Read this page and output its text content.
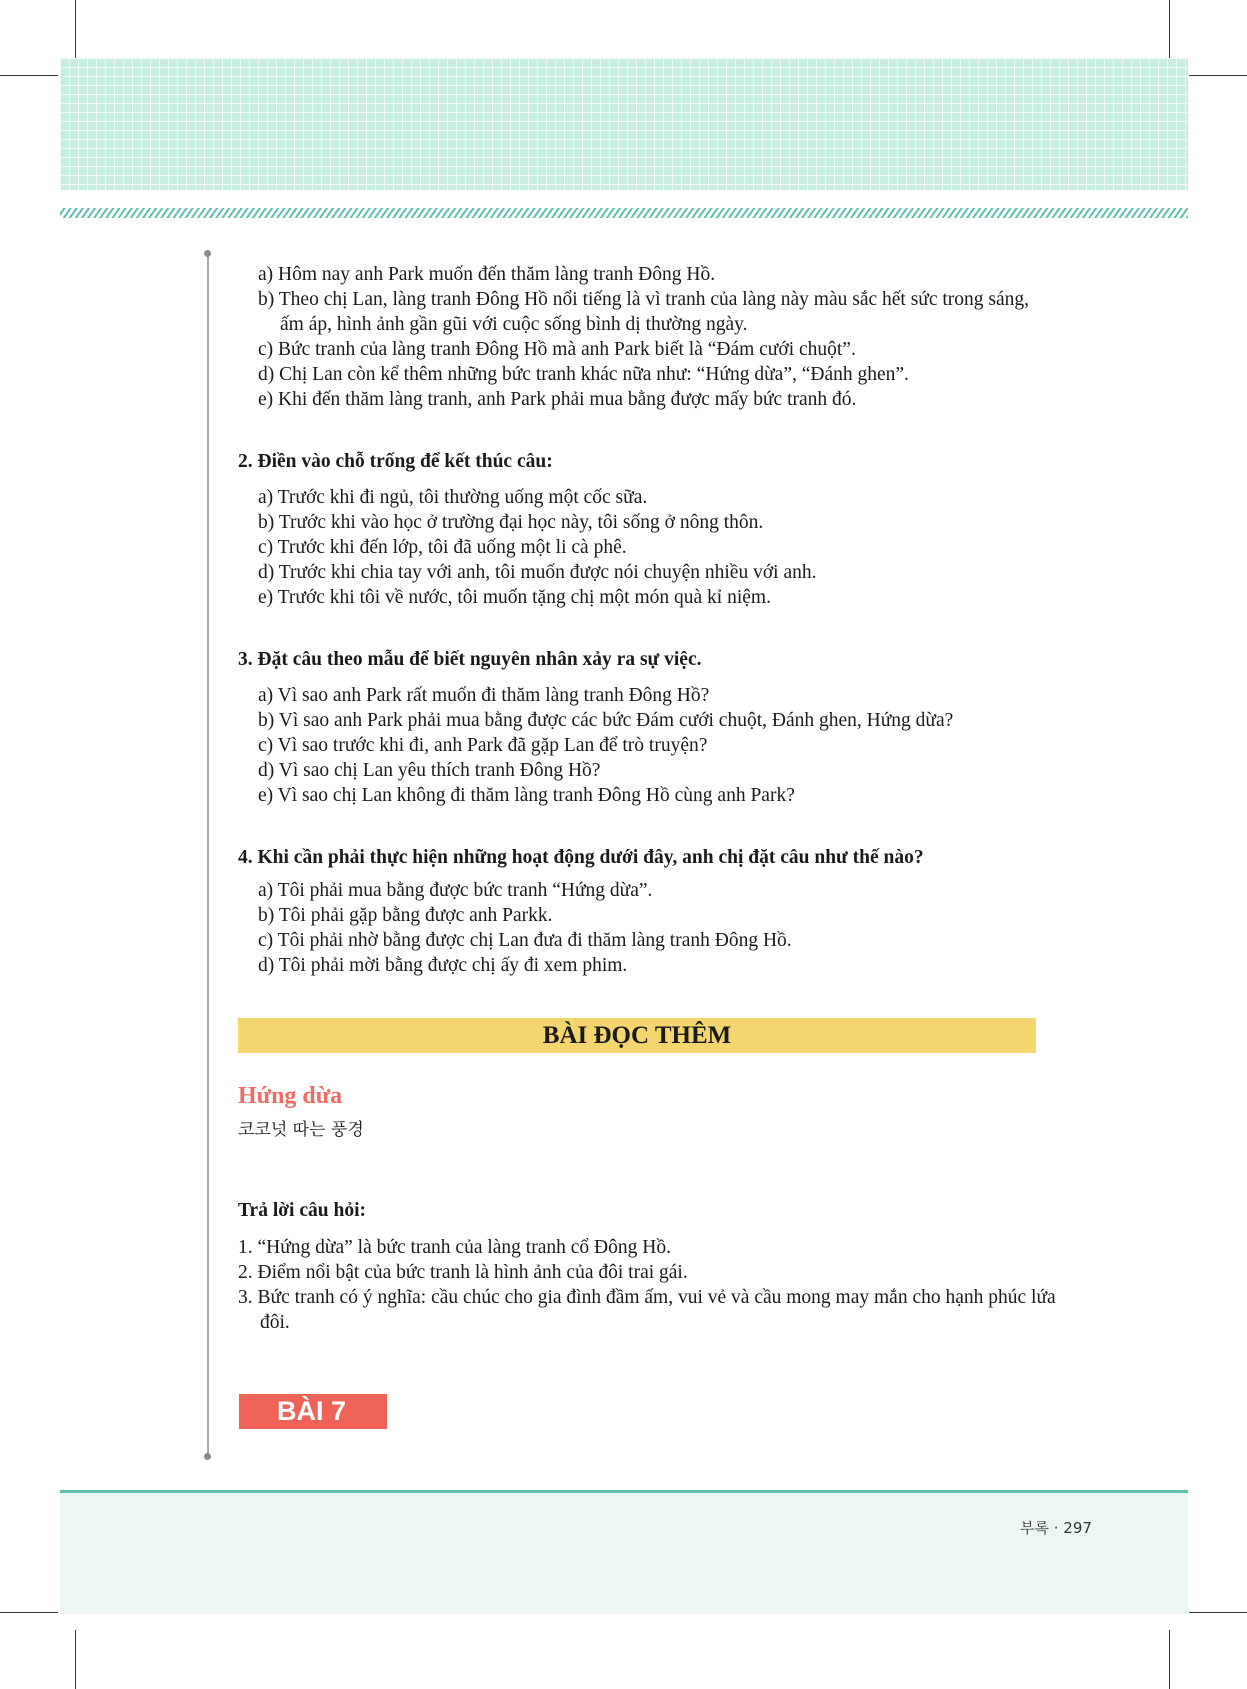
a) Hôm nay anh Park muốn đến thăm làng tranh Đông Hồ.
b) Theo chị Lan, làng tranh Đông Hồ nổi tiếng là vì tranh của làng này màu sắc hết sức trong sáng, ấm áp, hình ảnh gần gũi với cuộc sống bình dị thường ngày.
c) Bức tranh của làng tranh Đông Hồ mà anh Park biết là “Đám cưới chuột”.
d) Chị Lan còn kể thêm những bức tranh khác nữa như: “Hứng dừa”, “Đánh ghen”.
e) Khi đến thăm làng tranh, anh Park phải mua bằng được mấy bức tranh đó.

2. Điền vào chỗ trống để kết thúc câu:

a) Trước khi đi ngủ, tôi thường uống một cốc sữa.
b) Trước khi vào học ở trường đại học này, tôi sống ở nông thôn.
c) Trước khi đến lớp, tôi đã uống một li cà phê.
d) Trước khi chia tay với anh, tôi muốn được nói chuyện nhiều với anh.
e) Trước khi tôi về nước, tôi muốn tặng chị một món quà kỉ niệm.

3. Đặt câu theo mẫu để biết nguyên nhân xảy ra sự việc.

a) Vì sao anh Park rất muốn đi thăm làng tranh Đông Hồ?
b) Vì sao anh Park phải mua bằng được các bức Đám cưới chuột, Đánh ghen, Hứng dừa?
c) Vì sao trước khi đi, anh Park đã gặp Lan để trò truyện?
d) Vì sao chị Lan yêu thích tranh Đông Hồ?
e) Vì sao chị Lan không đi thăm làng tranh Đông Hồ cùng anh Park?

4. Khi cần phải thực hiện những hoạt động dưới đây, anh chị đặt câu như thế nào?

a) Tôi phải mua bằng được bức tranh “Hứng dừa”.
b) Tôi phải gặp bằng được anh Parkk.
c) Tôi phải nhờ bằng được chị Lan đưa đi thăm làng tranh Đông Hồ.
d) Tôi phải mời bằng được chị ấy đi xem phim.
BÀI ĐỌC THÊM
Hứng dừa
코코넛 따는 풍경
Trả lời câu hỏi:
1. “Hứng dừa” là bức tranh của làng tranh cổ Đông Hồ.
2. Điểm nổi bật của bức tranh là hình ảnh của đôi trai gái.
3. Bức tranh có ý nghĩa: cầu chúc cho gia đình đầm ấm, vui vẻ và cầu mong may mắn cho hạnh phúc lứa đôi.
BÀI 7
부록 · 297
